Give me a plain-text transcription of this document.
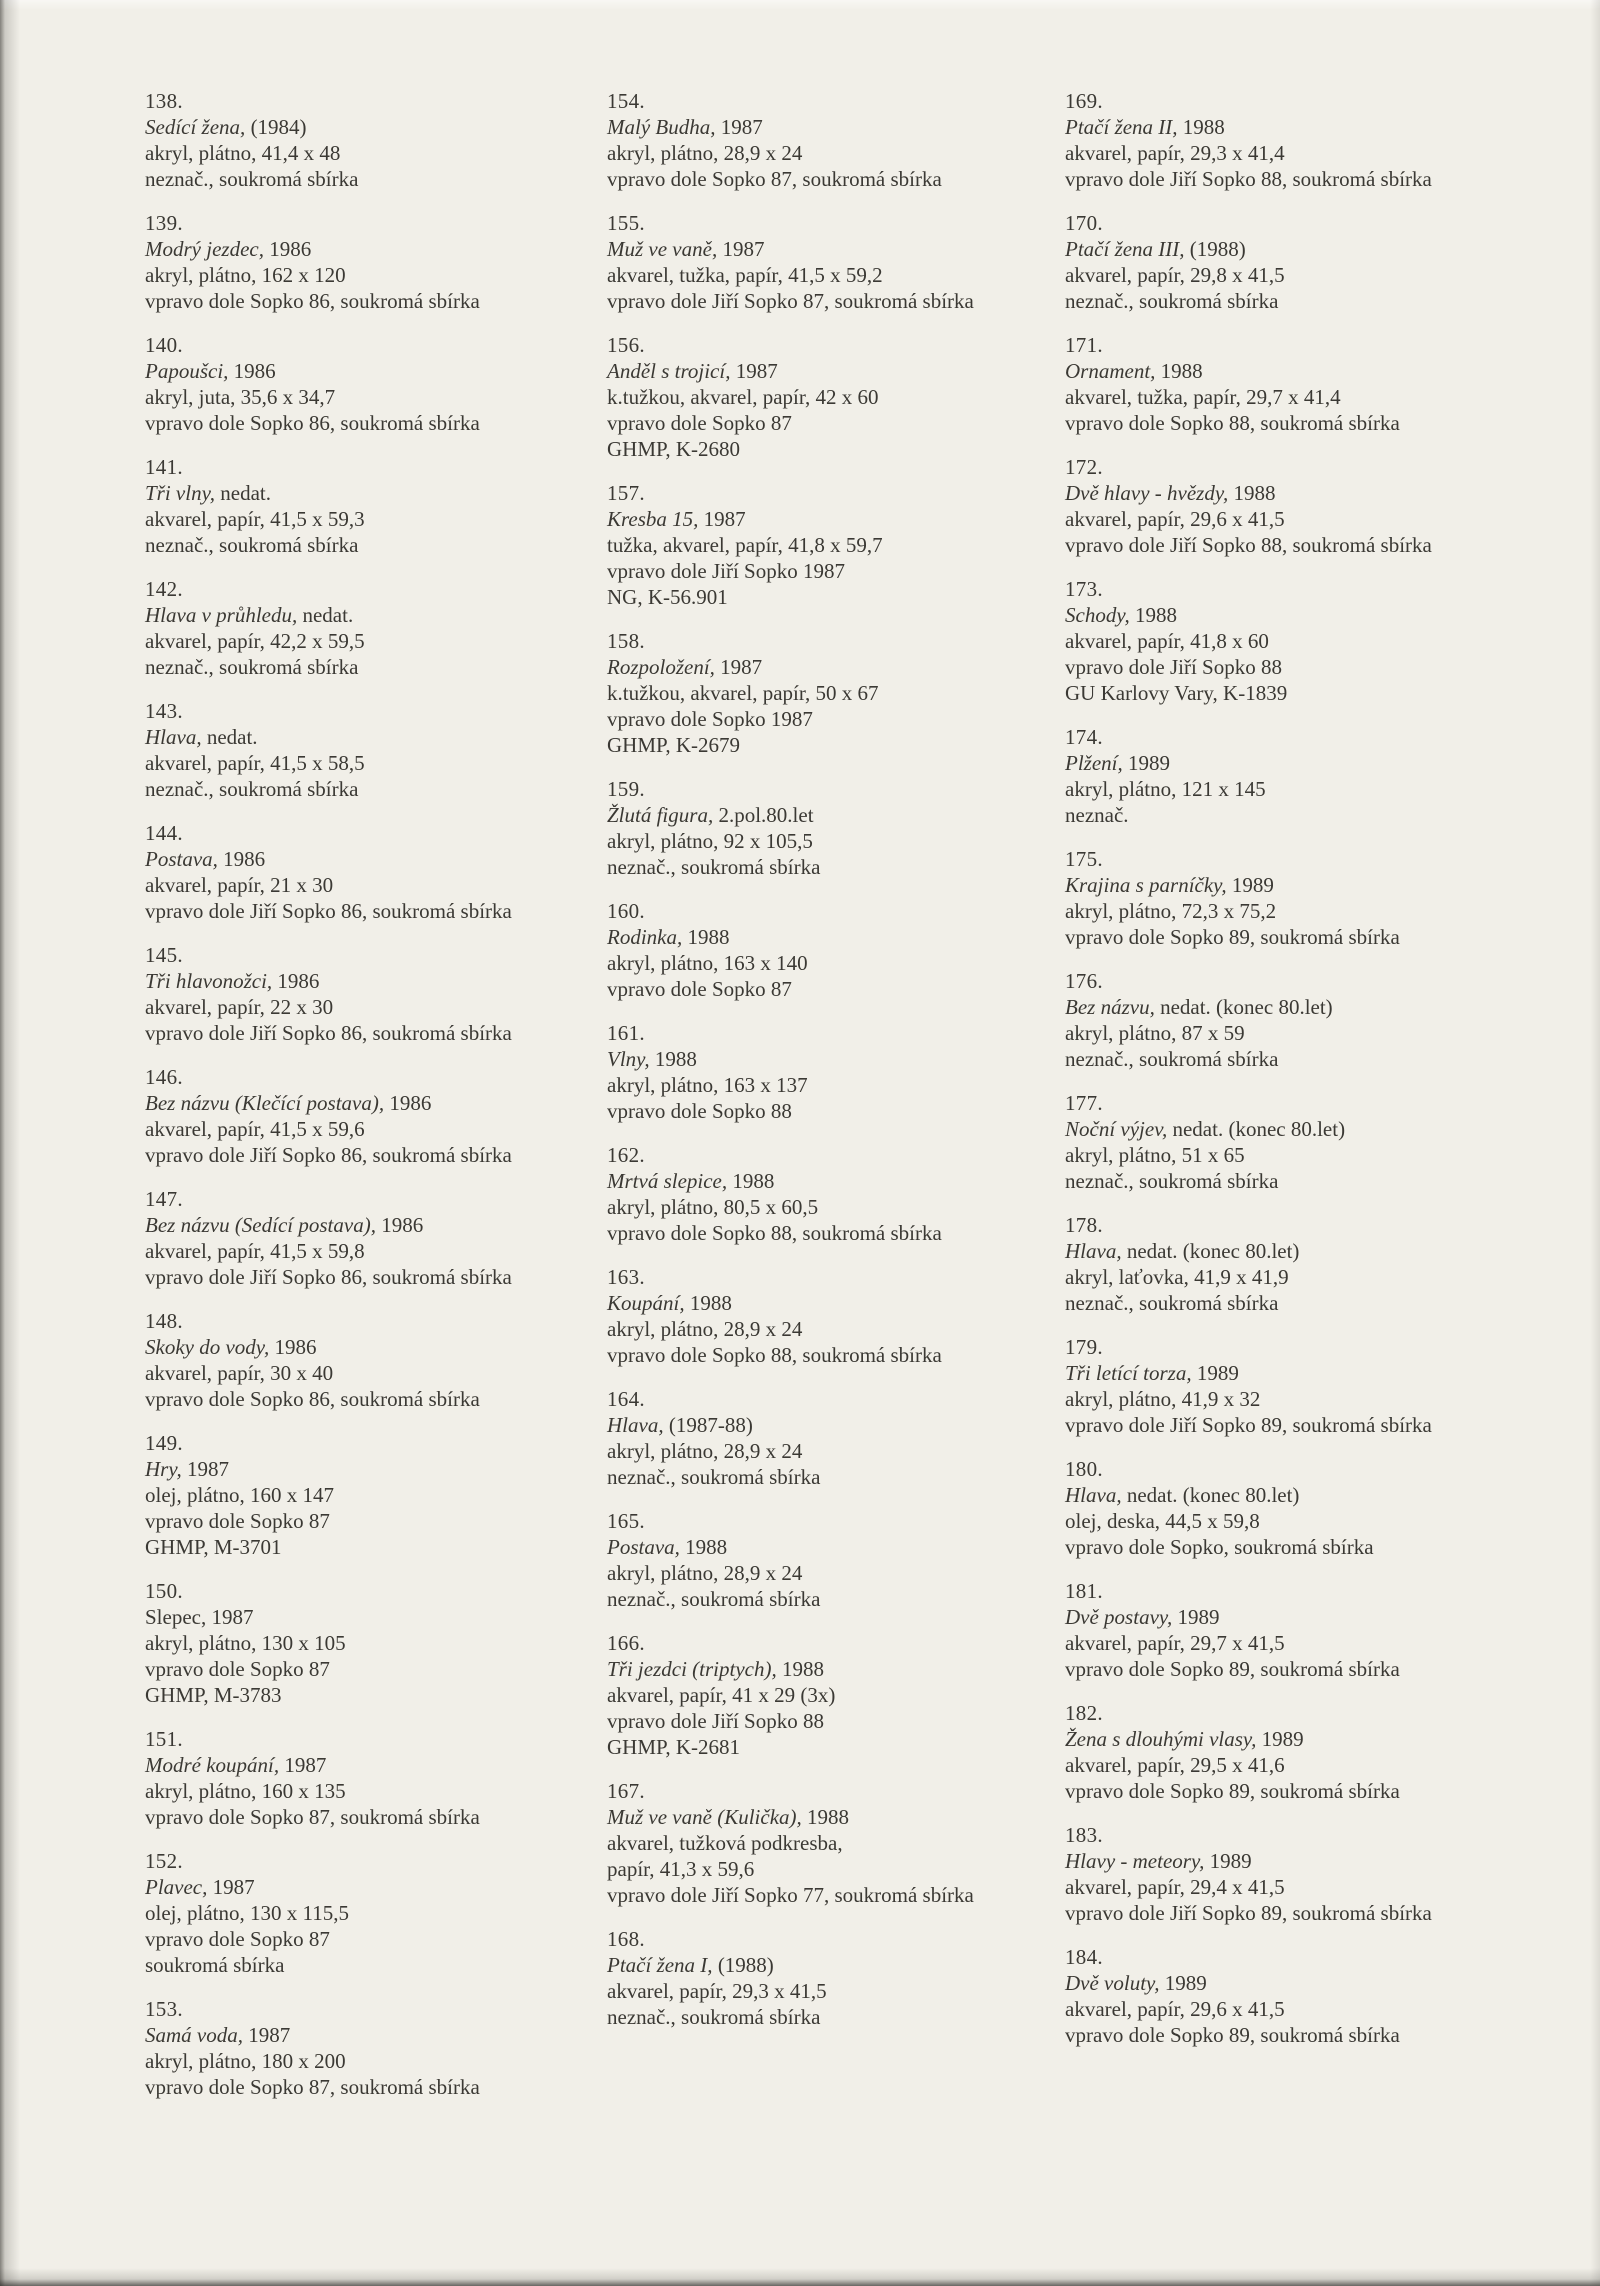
138.
Sedící žena, (1984)
akryl, plátno, 41,4 x 48
neznač., soukromá sbírka
139.
Modrý jezdec, 1986
akryl, plátno, 162 x 120
vpravo dole Sopko 86, soukromá sbírka
140.
Papoušci, 1986
akryl, juta, 35,6 x 34,7
vpravo dole Sopko 86, soukromá sbírka
141.
Tři vlny, nedat.
akvarel, papír, 41,5 x 59,3
neznač., soukromá sbírka
142.
Hlava v průhledu, nedat.
akvarel, papír, 42,2 x 59,5
neznač., soukromá sbírka
143.
Hlava, nedat.
akvarel, papír, 41,5 x 58,5
neznač., soukromá sbírka
144.
Postava, 1986
akvarel, papír, 21 x 30
vpravo dole Jiří Sopko 86, soukromá sbírka
145.
Tři hlavonožci, 1986
akvarel, papír, 22 x 30
vpravo dole Jiří Sopko 86, soukromá sbírka
146.
Bez názvu (Klečící postava), 1986
akvarel, papír, 41,5 x 59,6
vpravo dole Jiří Sopko 86, soukromá sbírka
147.
Bez názvu (Sedící postava), 1986
akvarel, papír, 41,5 x 59,8
vpravo dole Jiří Sopko 86, soukromá sbírka
148.
Skoky do vody, 1986
akvarel, papír, 30 x 40
vpravo dole Sopko 86, soukromá sbírka
149.
Hry, 1987
olej, plátno, 160 x 147
vpravo dole Sopko 87
GHMP, M-3701
150.
Slepec, 1987
akryl, plátno, 130 x 105
vpravo dole Sopko 87
GHMP, M-3783
151.
Modré koupání, 1987
akryl, plátno, 160 x 135
vpravo dole Sopko 87, soukromá sbírka
152.
Plavec, 1987
olej, plátno, 130 x 115,5
vpravo dole Sopko 87
soukromá sbírka
153.
Samá voda, 1987
akryl, plátno, 180 x 200
vpravo dole Sopko 87, soukromá sbírka
154.
Malý Budha, 1987
akryl, plátno, 28,9 x 24
vpravo dole Sopko 87, soukromá sbírka
155.
Muž ve vaně, 1987
akvarel, tužka, papír, 41,5 x 59,2
vpravo dole Jiří Sopko 87, soukromá sbírka
156.
Anděl s trojicí, 1987
k.tužkou, akvarel, papír, 42 x 60
vpravo dole Sopko 87
GHMP, K-2680
157.
Kresba 15, 1987
tužka, akvarel, papír, 41,8 x 59,7
vpravo dole Jiří Sopko 1987
NG, K-56.901
158.
Rozpoložení, 1987
k.tužkou, akvarel, papír, 50 x 67
vpravo dole Sopko 1987
GHMP, K-2679
159.
Žlutá figura, 2.pol.80.let
akryl, plátno, 92 x 105,5
neznač., soukromá sbírka
160.
Rodinka, 1988
akryl, plátno, 163 x 140
vpravo dole Sopko 87
161.
Vlny, 1988
akryl, plátno, 163 x 137
vpravo dole Sopko 88
162.
Mrtvá slepice, 1988
akryl, plátno, 80,5 x 60,5
vpravo dole Sopko 88, soukromá sbírka
163.
Koupání, 1988
akryl, plátno, 28,9 x 24
vpravo dole Sopko 88, soukromá sbírka
164.
Hlava, (1987-88)
akryl, plátno, 28,9 x 24
neznač., soukromá sbírka
165.
Postava, 1988
akryl, plátno, 28,9 x 24
neznač., soukromá sbírka
166.
Tři jezdci (triptych), 1988
akvarel, papír, 41 x 29 (3x)
vpravo dole Jiří Sopko 88
GHMP, K-2681
167.
Muž ve vaně (Kulička), 1988
akvarel, tužková podkresba,
papír, 41,3 x 59,6
vpravo dole Jiří Sopko 77, soukromá sbírka
168.
Ptačí žena I, (1988)
akvarel, papír, 29,3 x 41,5
neznač., soukromá sbírka
169.
Ptačí žena II, 1988
akvarel, papír, 29,3 x 41,4
vpravo dole Jiří Sopko 88, soukromá sbírka
170.
Ptačí žena III, (1988)
akvarel, papír, 29,8 x 41,5
neznač., soukromá sbírka
171.
Ornament, 1988
akvarel, tužka, papír, 29,7 x 41,4
vpravo dole Sopko 88, soukromá sbírka
172.
Dvě hlavy - hvězdy, 1988
akvarel, papír, 29,6 x 41,5
vpravo dole Jiří Sopko 88, soukromá sbírka
173.
Schody, 1988
akvarel, papír, 41,8 x 60
vpravo dole Jiří Sopko 88
GU Karlovy Vary, K-1839
174.
Plžení, 1989
akryl, plátno, 121 x 145
neznač.
175.
Krajina s parníčky, 1989
akryl, plátno, 72,3 x 75,2
vpravo dole Sopko 89, soukromá sbírka
176.
Bez názvu, nedat. (konec 80.let)
akryl, plátno, 87 x 59
neznač., soukromá sbírka
177.
Noční výjev, nedat. (konec 80.let)
akryl, plátno, 51 x 65
neznač., soukromá sbírka
178.
Hlava, nedat. (konec 80.let)
akryl, laťovka, 41,9 x 41,9
neznač., soukromá sbírka
179.
Tři letící torza, 1989
akryl, plátno, 41,9 x 32
vpravo dole Jiří Sopko 89, soukromá sbírka
180.
Hlava, nedat. (konec 80.let)
olej, deska, 44,5 x 59,8
vpravo dole Sopko, soukromá sbírka
181.
Dvě postavy, 1989
akvarel, papír, 29,7 x 41,5
vpravo dole Sopko 89, soukromá sbírka
182.
Žena s dlouhými vlasy, 1989
akvarel, papír, 29,5 x 41,6
vpravo dole Sopko 89, soukromá sbírka
183.
Hlavy - meteory, 1989
akvarel, papír, 29,4 x 41,5
vpravo dole Jiří Sopko 89, soukromá sbírka
184.
Dvě voluty, 1989
akvarel, papír, 29,6 x 41,5
vpravo dole Sopko 89, soukromá sbírka
